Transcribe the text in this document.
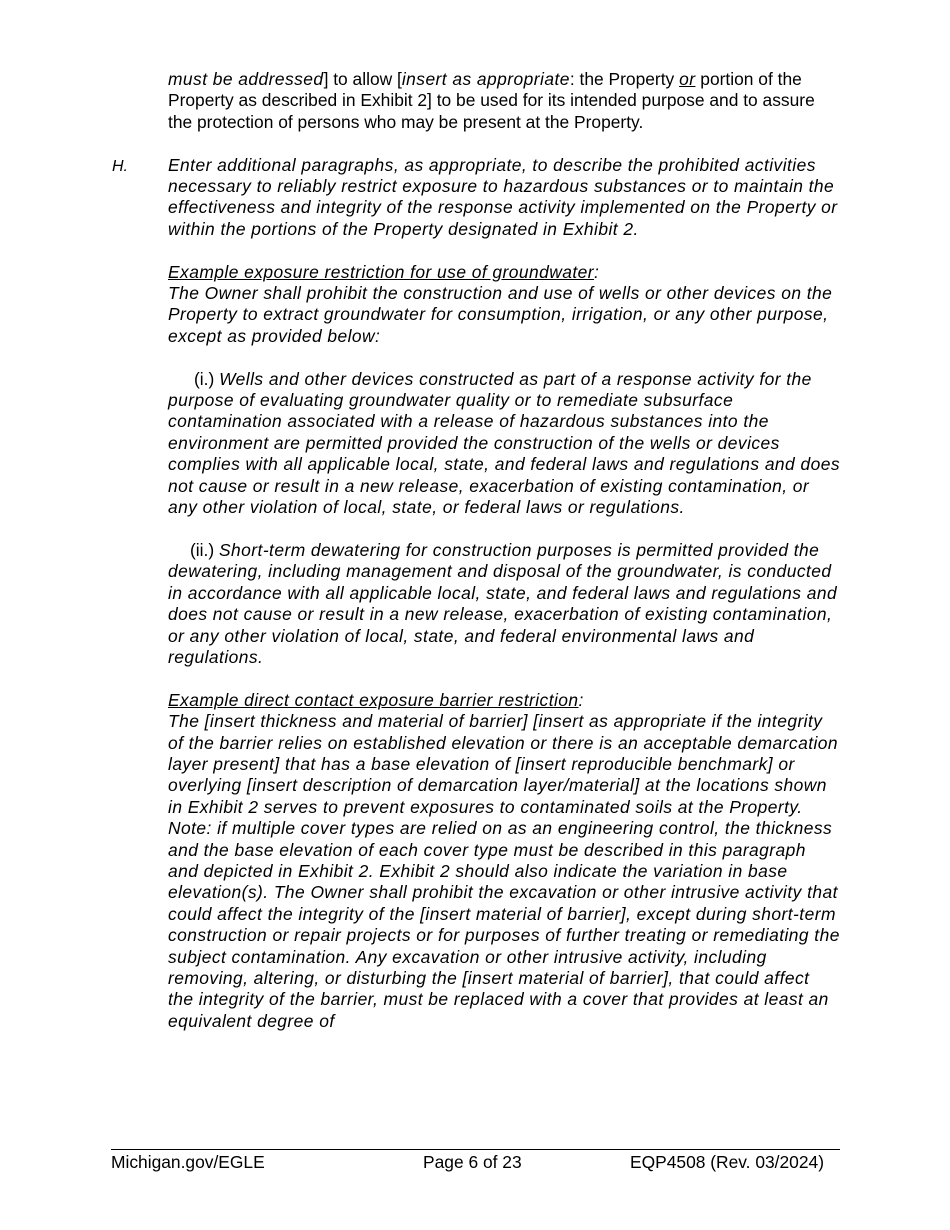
must be addressed] to allow [insert as appropriate: the Property or portion of the Property as described in Exhibit 2] to be used for its intended purpose and to assure the protection of persons who may be present at the Property.

H. Enter additional paragraphs, as appropriate, to describe the prohibited activities necessary to reliably restrict exposure to hazardous substances or to maintain the effectiveness and integrity of the response activity implemented on the Property or within the portions of the Property designated in Exhibit 2.

Example exposure restriction for use of groundwater:
The Owner shall prohibit the construction and use of wells or other devices on the Property to extract groundwater for consumption, irrigation, or any other purpose, except as provided below:

(i.) Wells and other devices constructed as part of a response activity for the purpose of evaluating groundwater quality or to remediate subsurface contamination associated with a release of hazardous substances into the environment are permitted provided the construction of the wells or devices complies with all applicable local, state, and federal laws and regulations and does not cause or result in a new release, exacerbation of existing contamination, or any other violation of local, state, or federal laws or regulations.

(ii.) Short-term dewatering for construction purposes is permitted provided the dewatering, including management and disposal of the groundwater, is conducted in accordance with all applicable local, state, and federal laws and regulations and does not cause or result in a new release, exacerbation of existing contamination, or any other violation of local, state, and federal environmental laws and regulations.

Example direct contact exposure barrier restriction:
The [insert thickness and material of barrier] [insert as appropriate if the integrity of the barrier relies on established elevation or there is an acceptable demarcation layer present] that has a base elevation of [insert reproducible benchmark] or overlying [insert description of demarcation layer/material] at the locations shown in Exhibit 2 serves to prevent exposures to contaminated soils at the Property. Note: if multiple cover types are relied on as an engineering control, the thickness and the base elevation of each cover type must be described in this paragraph and depicted in Exhibit 2. Exhibit 2 should also indicate the variation in base elevation(s). The Owner shall prohibit the excavation or other intrusive activity that could affect the integrity of the [insert material of barrier], except during short-term construction or repair projects or for purposes of further treating or remediating the subject contamination. Any excavation or other intrusive activity, including removing, altering, or disturbing the [insert material of barrier], that could affect the integrity of the barrier, must be replaced with a cover that provides at least an equivalent degree of

Michigan.gov/EGLE	Page 6 of 23	EQP4508 (Rev. 03/2024)
